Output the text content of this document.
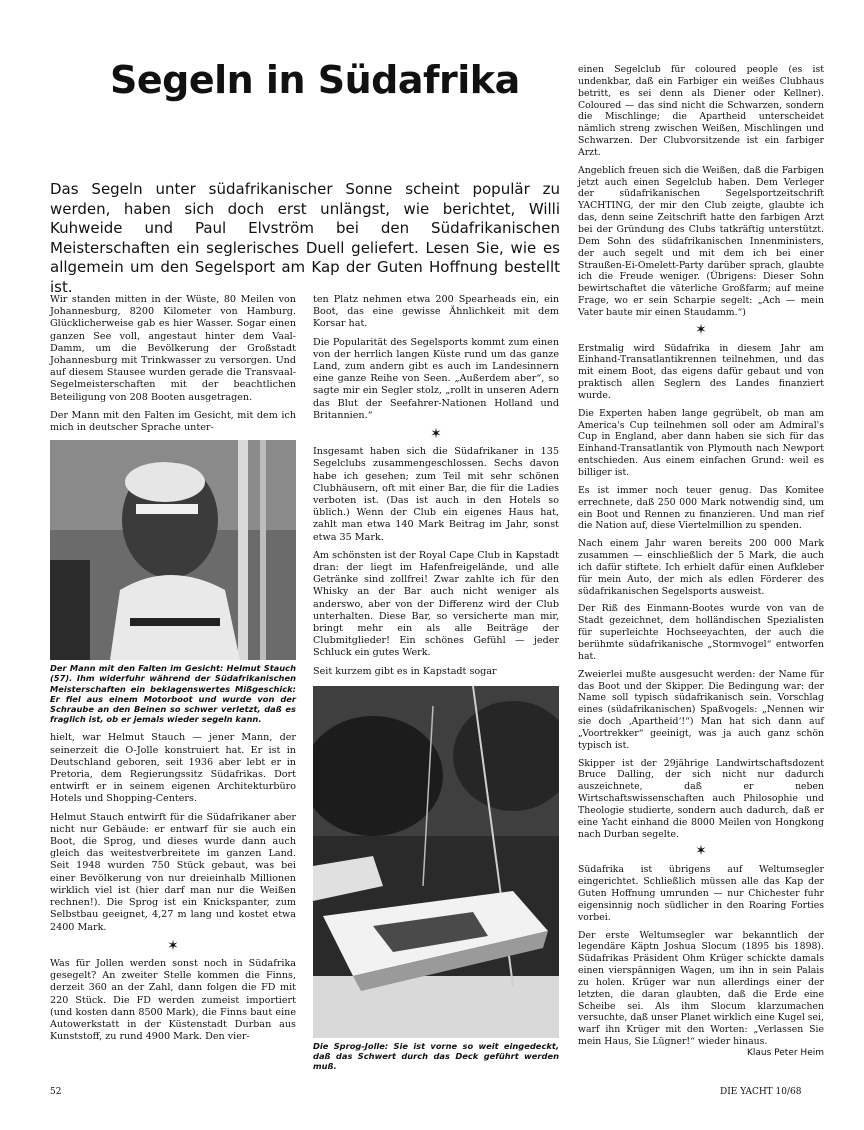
Segeln in Südafrika
Das Segeln unter südafrikanischer Sonne scheint populär zu werden, haben sich doch erst unlängst, wie berichtet, Willi Kuhweide und Paul Elvström bei den Südafrikanischen Meisterschaften ein seglerisches Duell geliefert. Lesen Sie, wie es allgemein um den Segelsport am Kap der Guten Hoffnung bestellt ist.

Wir standen mitten in der Wüste, 80 Meilen von Johannesburg, 8200 Kilometer von Hamburg. Glücklicherweise gab es hier Wasser. Sogar einen ganzen See voll, angestaut hinter dem Vaal-Damm, um die Bevölkerung der Großstadt Johannesburg mit Trinkwasser zu versorgen. Und auf diesem Stausee wurden gerade die Transvaal-Segelmeisterschaften mit der beachtlichen Beteiligung von 208 Booten ausgetragen.

Der Mann mit den Falten im Gesicht, mit dem ich mich in deutscher Sprache unter-

Der Mann mit den Falten im Gesicht: Helmut Stauch (57). Ihm widerfuhr während der Südafrikanischen Meisterschaften ein beklagenswertes Mißgeschick: Er fiel aus einem Motorboot und wurde von der Schraube an den Beinen so schwer verletzt, daß es fraglich ist, ob er jemals wieder segeln kann.

hielt, war Helmut Stauch — jener Mann, der seinerzeit die O-Jolle konstruiert hat. Er ist in Deutschland geboren, seit 1936 aber lebt er in Pretoria, dem Regierungssitz Südafrikas. Dort entwirft er in seinem eigenen Architekturbüro Hotels und Shopping-Centers.

Helmut Stauch entwirft für die Südafrikaner aber nicht nur Gebäude: er entwarf für sie auch ein Boot, die Sprog, und dieses wurde dann auch gleich das weitestverbreitete im ganzen Land. Seit 1948 wurden 750 Stück gebaut, was bei einer Bevölkerung von nur dreieinhalb Millionen wirklich viel ist (hier darf man nur die Weißen rechnen!). Die Sprog ist ein Knickspanter, zum Selbstbau geeignet, 4,27 m lang und kostet etwa 2400 Mark.

✶

Was für Jollen werden sonst noch in Südafrika gesegelt? An zweiter Stelle kommen die Finns, derzeit 360 an der Zahl, dann folgen die FD mit 220 Stück. Die FD werden zumeist importiert (und kosten dann 8500 Mark), die Finns baut eine Autowerkstatt in der Küstenstadt Durban aus Kunststoff, zu rund 4900 Mark. Den vier-

ten Platz nehmen etwa 200 Spearheads ein, ein Boot, das eine gewisse Ähnlichkeit mit dem Korsar hat.

Die Popularität des Segelsports kommt zum einen von der herrlich langen Küste rund um das ganze Land, zum andern gibt es auch im Landesinnern eine ganze Reihe von Seen. „Außerdem aber“, so sagte mir ein Segler stolz, „rollt in unseren Adern das Blut der Seefahrer-Nationen Holland und Britannien.“

✶

Insgesamt haben sich die Südafrikaner in 135 Segelclubs zusammengeschlossen. Sechs davon habe ich gesehen; zum Teil mit sehr schönen Clubhäusern, oft mit einer Bar, die für die Ladies verboten ist. (Das ist auch in den Hotels so üblich.) Wenn der Club ein eigenes Haus hat, zahlt man etwa 140 Mark Beitrag im Jahr, sonst etwa 35 Mark.

Am schönsten ist der Royal Cape Club in Kapstadt dran: der liegt im Hafenfreigelände, und alle Getränke sind zollfrei! Zwar zahlte ich für den Whisky an der Bar auch nicht weniger als anderswo, aber von der Differenz wird der Club unterhalten. Diese Bar, so versicherte man mir, bringt mehr ein als alle Beiträge der Clubmitglieder! Ein schönes Gefühl — jeder Schluck ein gutes Werk.

Seit kurzem gibt es in Kapstadt sogar

Die Sprog-Jolle: Sie ist vorne so weit eingedeckt, daß das Schwert durch das Deck geführt werden muß.

einen Segelclub für coloured people (es ist undenkbar, daß ein Farbiger ein weißes Clubhaus betritt, es sei denn als Diener oder Kellner). Coloured — das sind nicht die Schwarzen, sondern die Mischlinge; die Apartheid unterscheidet nämlich streng zwischen Weißen, Mischlingen und Schwarzen. Der Clubvorsitzende ist ein farbiger Arzt.

Angeblich freuen sich die Weißen, daß die Farbigen jetzt auch einen Segelclub haben. Dem Verleger der südafrikanischen Segelsportzeitschrift YACHTING, der mir den Club zeigte, glaubte ich das, denn seine Zeitschrift hatte den farbigen Arzt bei der Gründung des Clubs tatkräftig unterstützt. Dem Sohn des südafrikanischen Innenministers, der auch segelt und mit dem ich bei einer Straußen-Ei-Omelett-Party darüber sprach, glaubte ich die Freude weniger. (Übrigens: Dieser Sohn bewirtschaftet die väterliche Großfarm; auf meine Frage, wo er sein Scharpie segelt: „Ach — mein Vater baute mir einen Staudamm.“)

✶

Erstmalig wird Südafrika in diesem Jahr am Einhand-Transatlantikrennen teilnehmen, und das mit einem Boot, das eigens dafür gebaut und von praktisch allen Seglern des Landes finanziert wurde.

Die Experten haben lange gegrübelt, ob man am America's Cup teilnehmen soll oder am Admiral's Cup in England, aber dann haben sie sich für das Einhand-Transatlantik von Plymouth nach Newport entschieden. Aus einem einfachen Grund: weil es billiger ist.

Es ist immer noch teuer genug. Das Komitee errechnete, daß 250 000 Mark notwendig sind, um ein Boot und Rennen zu finanzieren. Und man rief die Nation auf, diese Viertelmillion zu spenden.

Nach einem Jahr waren bereits 200 000 Mark zusammen — einschließlich der 5 Mark, die auch ich dafür stiftete. Ich erhielt dafür einen Aufkleber für mein Auto, der mich als edlen Förderer des südafrikanischen Segelsports ausweist.

Der Riß des Einmann-Bootes wurde von van de Stadt gezeichnet, dem holländischen Spezialisten für superleichte Hochseeyachten, der auch die berühmte südafrikanische „Stormvogel“ entworfen hat.

Zweierlei mußte ausgesucht werden: der Name für das Boot und der Skipper. Die Bedingung war: der Name soll typisch südafrikanisch sein. Vorschlag eines (südafrikanischen) Spaßvogels: „Nennen wir sie doch ‚Apartheid‘!“) Man hat sich dann auf „Voortrekker“ geeinigt, was ja auch ganz schön typisch ist.

Skipper ist der 29jährige Landwirtschaftsdozent Bruce Dalling, der sich nicht nur dadurch auszeichnete, daß er neben Wirtschaftswissenschaften auch Philosophie und Theologie studierte, sondern auch dadurch, daß er eine Yacht einhand die 8000 Meilen von Hongkong nach Durban segelte.

✶

Südafrika ist übrigens auf Weltumsegler eingerichtet. Schließlich müssen alle das Kap der Guten Hoffnung umrunden — nur Chichester fuhr eigensinnig noch südlicher in den Roaring Forties vorbei.

Der erste Weltumsegler war bekanntlich der legendäre Käptn Joshua Slocum (1895 bis 1898). Südafrikas Präsident Ohm Krüger schickte damals einen vierspännigen Wagen, um ihn in sein Palais zu holen. Krüger war nun allerdings einer der letzten, die daran glaubten, daß die Erde eine Scheibe sei. Als ihm Slocum klarzumachen versuchte, daß unser Planet wirklich eine Kugel sei, warf ihn Krüger mit den Worten: „Verlassen Sie mein Haus, Sie Lügner!“ wieder hinaus.

Klaus Peter Heim
52	DIE YACHT 10/68
